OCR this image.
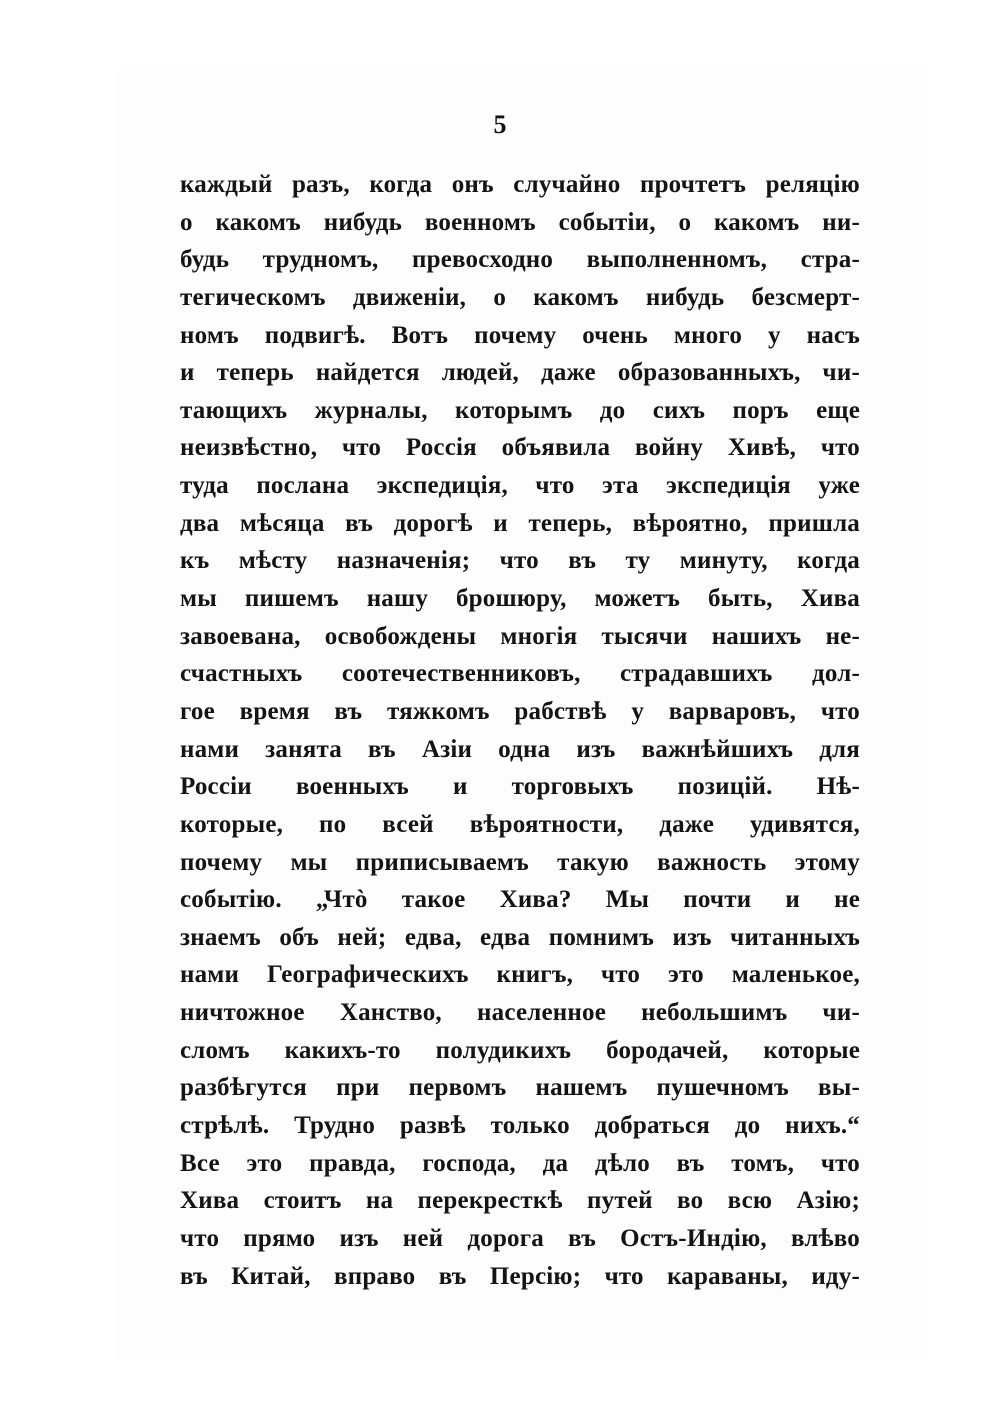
5
каждый разъ, когда онъ случайно прочтетъ реляцію
о какомъ нибудь военномъ событіи, о какомъ ни-
будь трудномъ, превосходно выполненномъ, стра-
тегическомъ движеніи, о какомъ нибудь безсмерт-
номъ подвигѣ. Вотъ почему очень много у насъ
и теперь найдется людей, даже образованныхъ, чи-
тающихъ журналы, которымъ до сихъ поръ еще
неизвѣстно, что Россія объявила войну Хивѣ, что
туда послана экспедиція, что эта экспедиція уже
два мѣсяца въ дорогѣ и теперь, вѣроятно, пришла
къ мѣсту назначенія; что въ ту минуту, когда
мы пишемъ нашу брошюру, можетъ быть, Хива
завоевана, освобождены многія тысячи нашихъ не-
счастныхъ соотечественниковъ, страдавшихъ дол-
гое время въ тяжкомъ рабствѣ у варваровъ, что
нами занята въ Азіи одна изъ важнѣйшихъ для
Россіи военныхъ и торговыхъ позицій. Нѣ-
которые, по всей вѣроятности, даже удивятся,
почему мы приписываемъ такую важность этому
событію. „Чтò такое Хива? Мы почти и не
знаемъ объ ней; едва, едва помнимъ изъ читанныхъ
нами Географическихъ книгъ, что это маленькое,
ничтожное Ханство, населенное небольшимъ чи-
сломъ какихъ-то полудикихъ бородачей, которые
разбѣгутся при первомъ нашемъ пушечномъ вы-
стрѣлѣ. Трудно развѣ только добраться до нихъ.“
Все это правда, господа, да дѣло въ томъ, что
Хива стоитъ на перекресткѣ путей во всю Азію;
что прямо изъ ней дорога въ Остъ-Индію, влѣво
въ Китай, вправо въ Персію; что караваны, иду-
